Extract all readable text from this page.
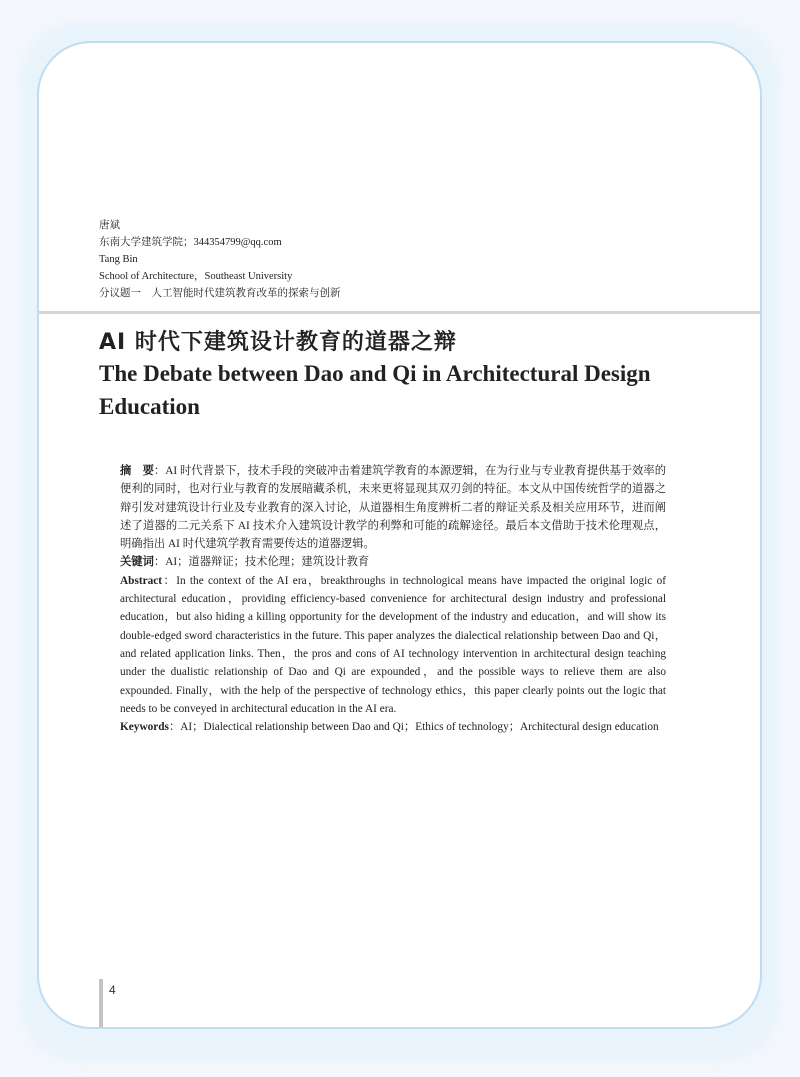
唐斌
东南大学建筑学院；344354799@qq.com
Tang Bin
School of Architecture，Southeast University
分议题一　人工智能时代建筑教育改革的探索与创新
AI 时代下建筑设计教育的道器之辩
The Debate between Dao and Qi in Architectural Design Education

摘　要：AI 时代背景下，技术手段的突破冲击着建筑学教育的本源逻辑，在为行业与专业教育提供基于效率的便利的同时，也对行业与教育的发展暗藏杀机，未来更将显现其双刃剑的特征。本文从中国传统哲学的道器之辩引发对建筑设计行业及专业教育的深入讨论，从道器相生角度辨析二者的辩证关系及相关应用环节，进而阐述了道器的二元关系下 AI 技术介入建筑设计教学的利弊和可能的疏解途径。最后本文借助于技术伦理观点，明确指出 AI 时代建筑学教育需要传达的道器逻辑。

关键词：AI；道器辩证；技术伦理；建筑设计教育

Abstract：In the context of the AI era，breakthroughs in technological means have impacted the original logic of architectural education，providing efficiency-based convenience for architectural design industry and professional education，but also hiding a killing opportunity for the development of the industry and education，and will show its double-edged sword characteristics in the future. This paper analyzes the dialectical relationship between Dao and Qi，and related application links. Then，the pros and cons of AI technology intervention in architectural design teaching under the dualistic relationship of Dao and Qi are expounded，and the possible ways to relieve them are also expounded. Finally，with the help of the perspective of technology ethics，this paper clearly points out the logic that needs to be conveyed in architectural education in the AI era.

Keywords：AI；Dialectical relationship between Dao and Qi；Ethics of technology；Architectural design education

4
